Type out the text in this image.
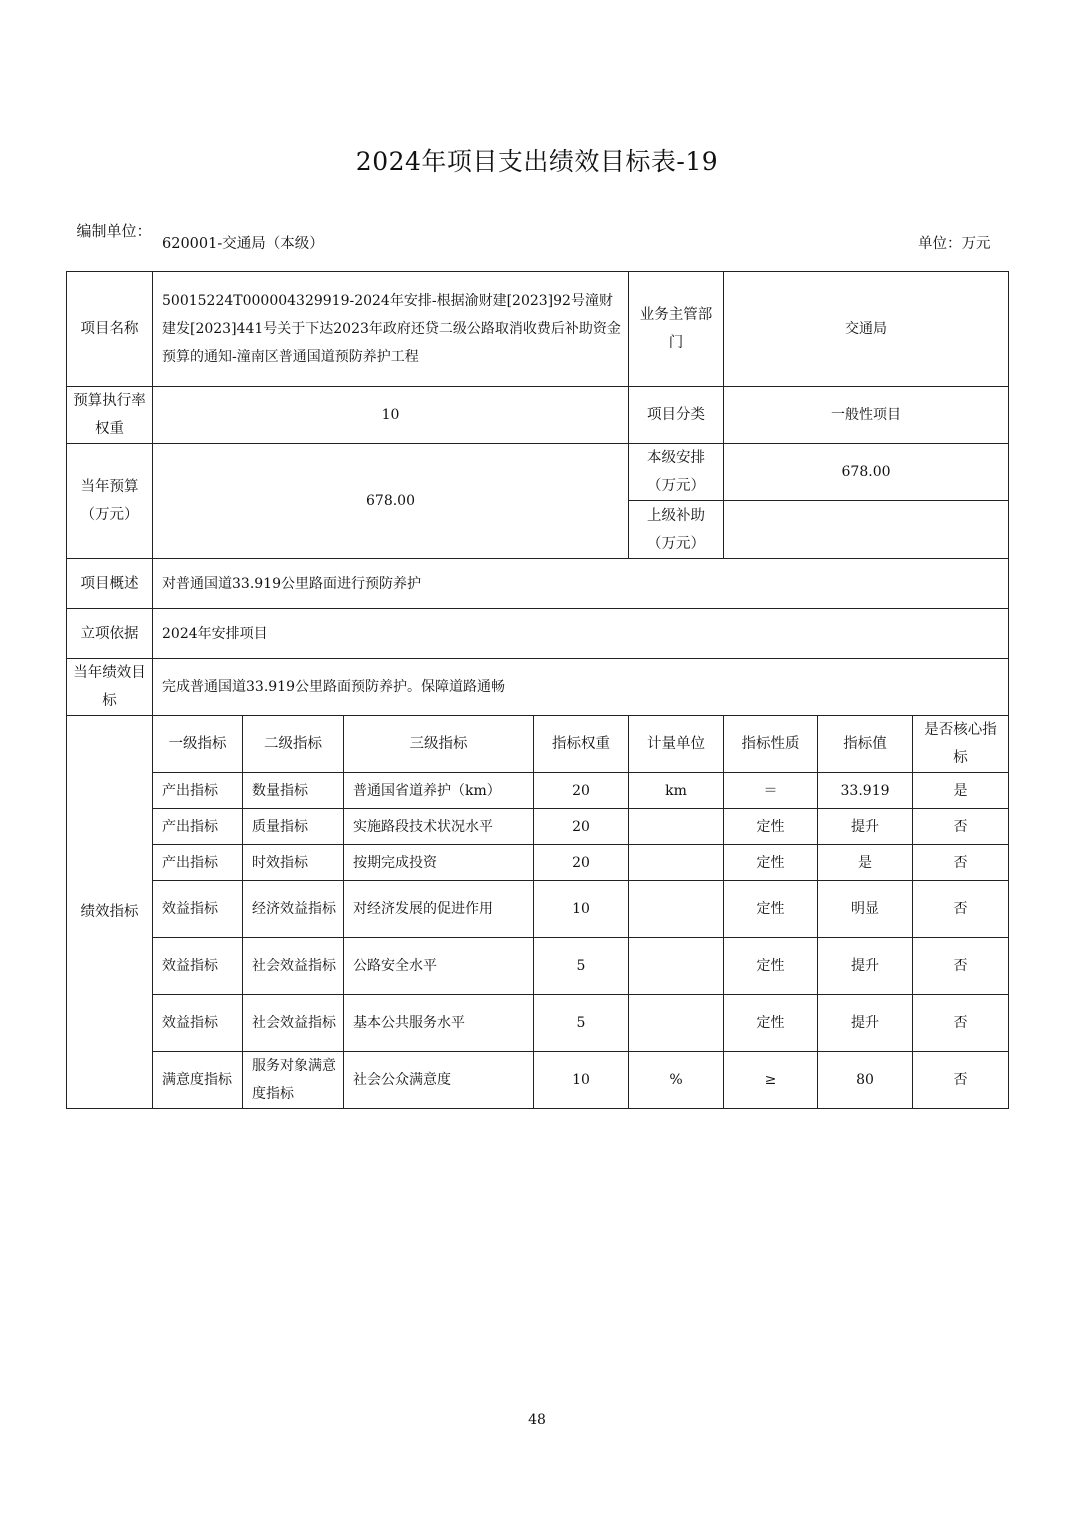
2024年项目支出绩效目标表-19
编制单位：
620001-交通局（本级）	单位：万元
项目名称	50015224T000004329919-2024年安排-根据渝财建[2023]92号潼财建发[2023]441号关于下达2023年政府还贷二级公路取消收费后补助资金预算的通知-潼南区普通国道预防养护工程				业务主管部门	交通局		
预算执行率权重	10				项目分类	一般性项目		
当年预算（万元）	678.00				本级安排（万元）	678.00		
					上级补助（万元）			
项目概述	对普通国道33.919公里路面进行预防养护							
立项依据	2024年安排项目							
当年绩效目标	完成普通国道33.919公里路面预防养护。保障道路通畅							
绩效指标	一级指标	二级指标	三级指标	指标权重	计量单位	指标性质	指标值	是否核心指标
	产出指标	数量指标	普通国省道养护（km）	20	km	＝	33.919	是
	产出指标	质量指标	实施路段技术状况水平	20		定性	提升	否
	产出指标	时效指标	按期完成投资	20		定性	是	否
	效益指标	经济效益指标	对经济发展的促进作用	10		定性	明显	否
	效益指标	社会效益指标	公路安全水平	5		定性	提升	否
	效益指标	社会效益指标	基本公共服务水平	5		定性	提升	否
	满意度指标	服务对象满意度指标	社会公众满意度	10	%	≥	80	否
48
